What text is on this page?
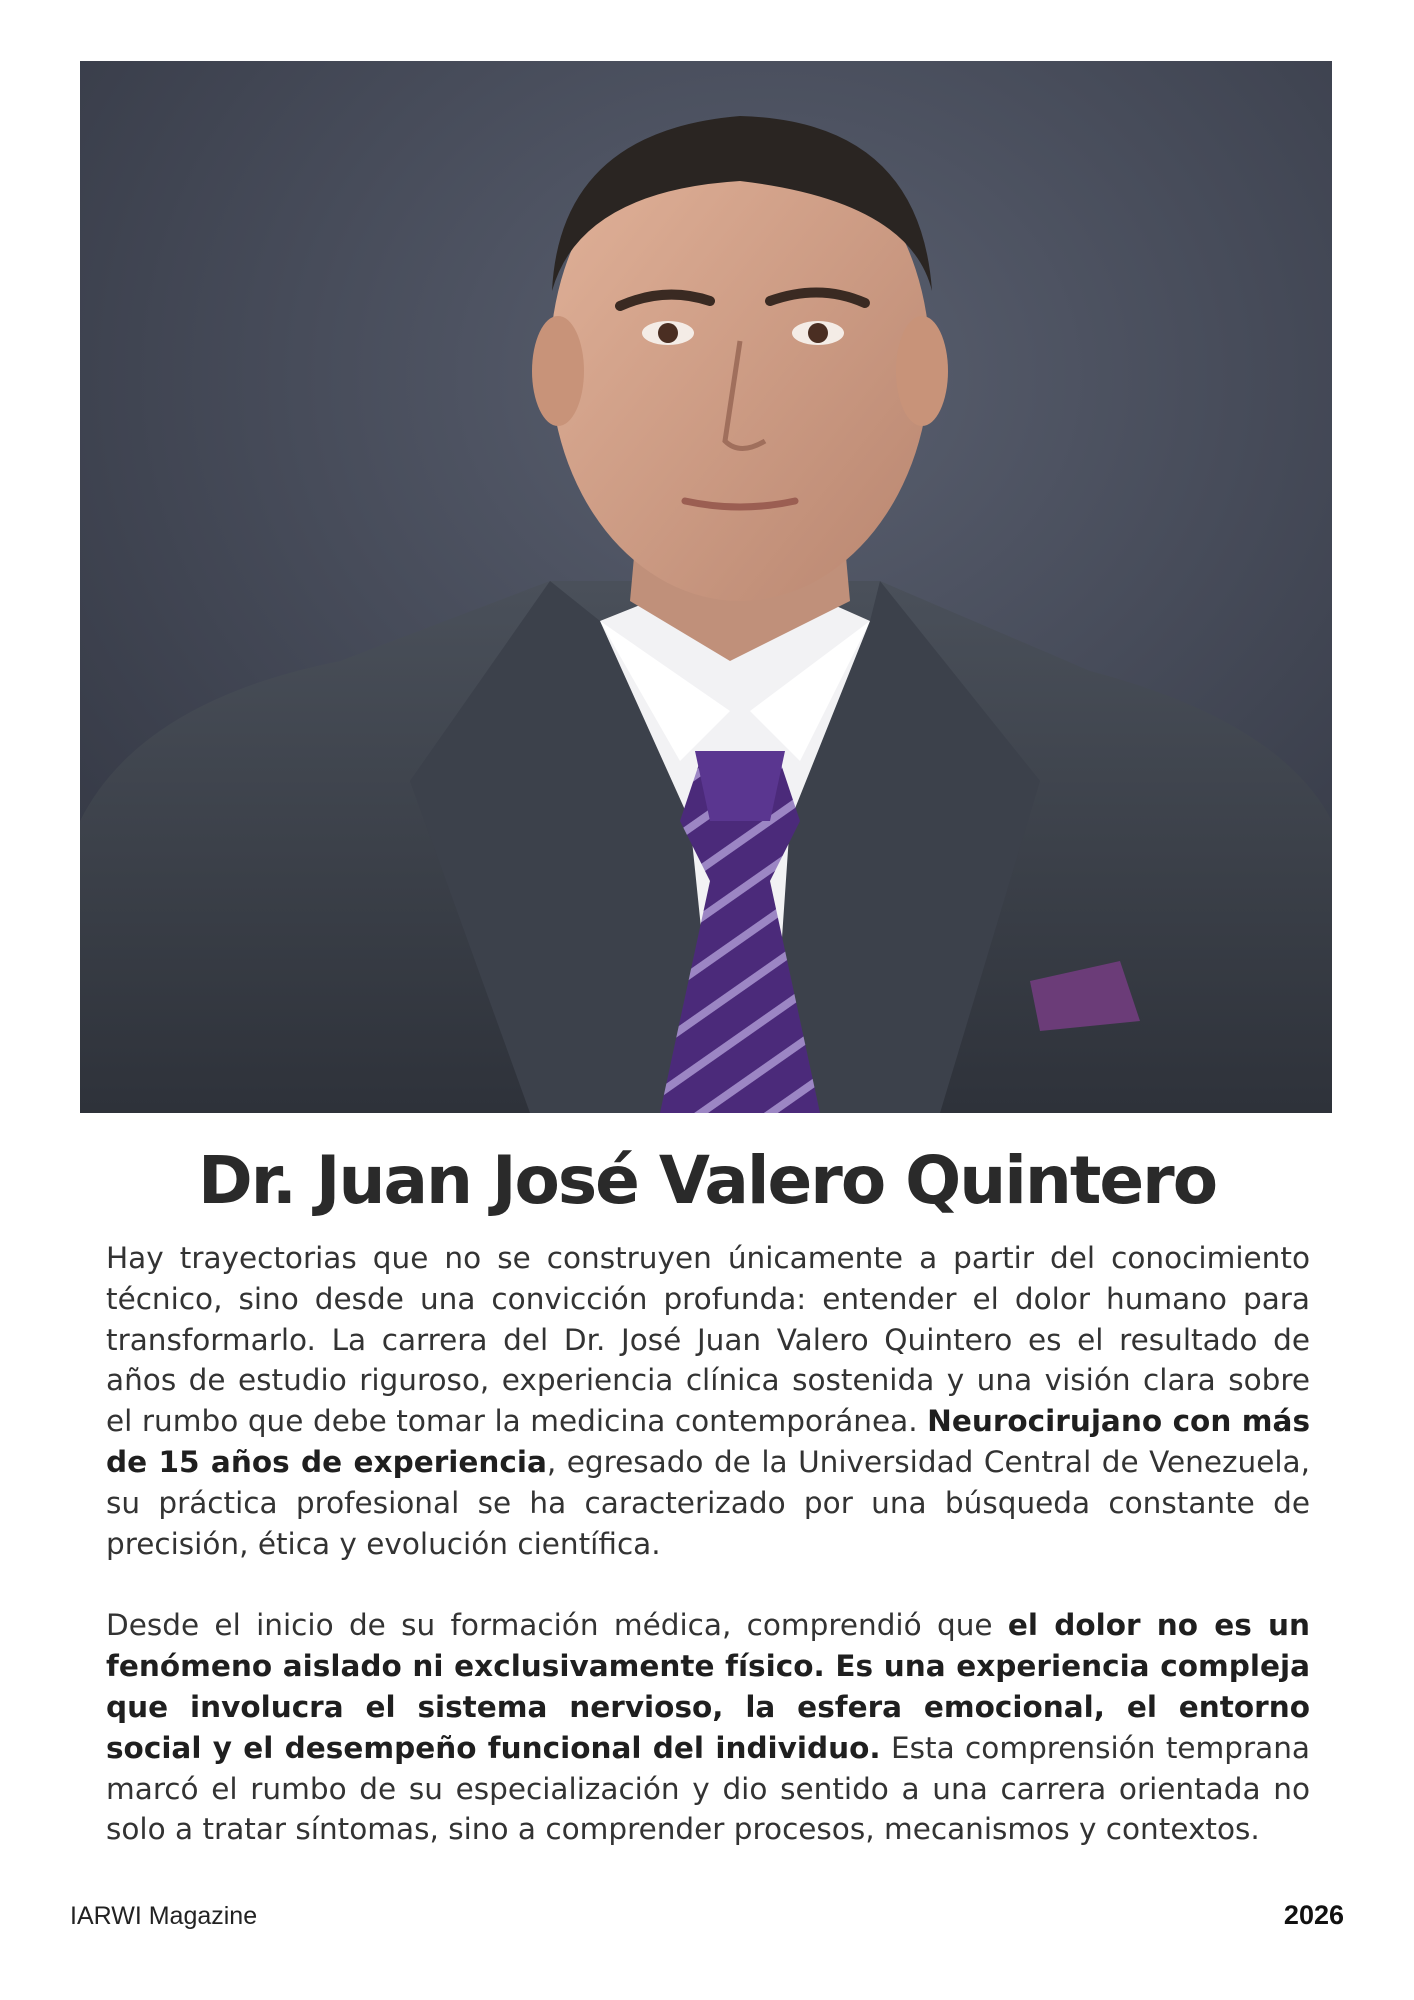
Dr. Juan José Valero Quintero

Hay trayectorias que no se construyen únicamente a partir del conocimiento técnico, sino desde una convicción profunda: entender el dolor humano para transformarlo. La carrera del Dr. José Juan Valero Quintero es el resultado de años de estudio riguroso, experiencia clínica sostenida y una visión clara sobre el rumbo que debe tomar la medicina contemporánea. Neurocirujano con más de 15 años de experiencia, egresado de la Universidad Central de Venezuela, su práctica profesional se ha caracterizado por una búsqueda constante de precisión, ética y evolución científica.

Desde el inicio de su formación médica, comprendió que el dolor no es un fenómeno aislado ni exclusivamente físico. Es una experiencia compleja que involucra el sistema nervioso, la esfera emocional, el entorno social y el desempeño funcional del individuo. Esta comprensión temprana marcó el rumbo de su especialización y dio sentido a una carrera orientada no solo a tratar síntomas, sino a comprender procesos, mecanismos y contextos.

IARWI Magazine	2026
